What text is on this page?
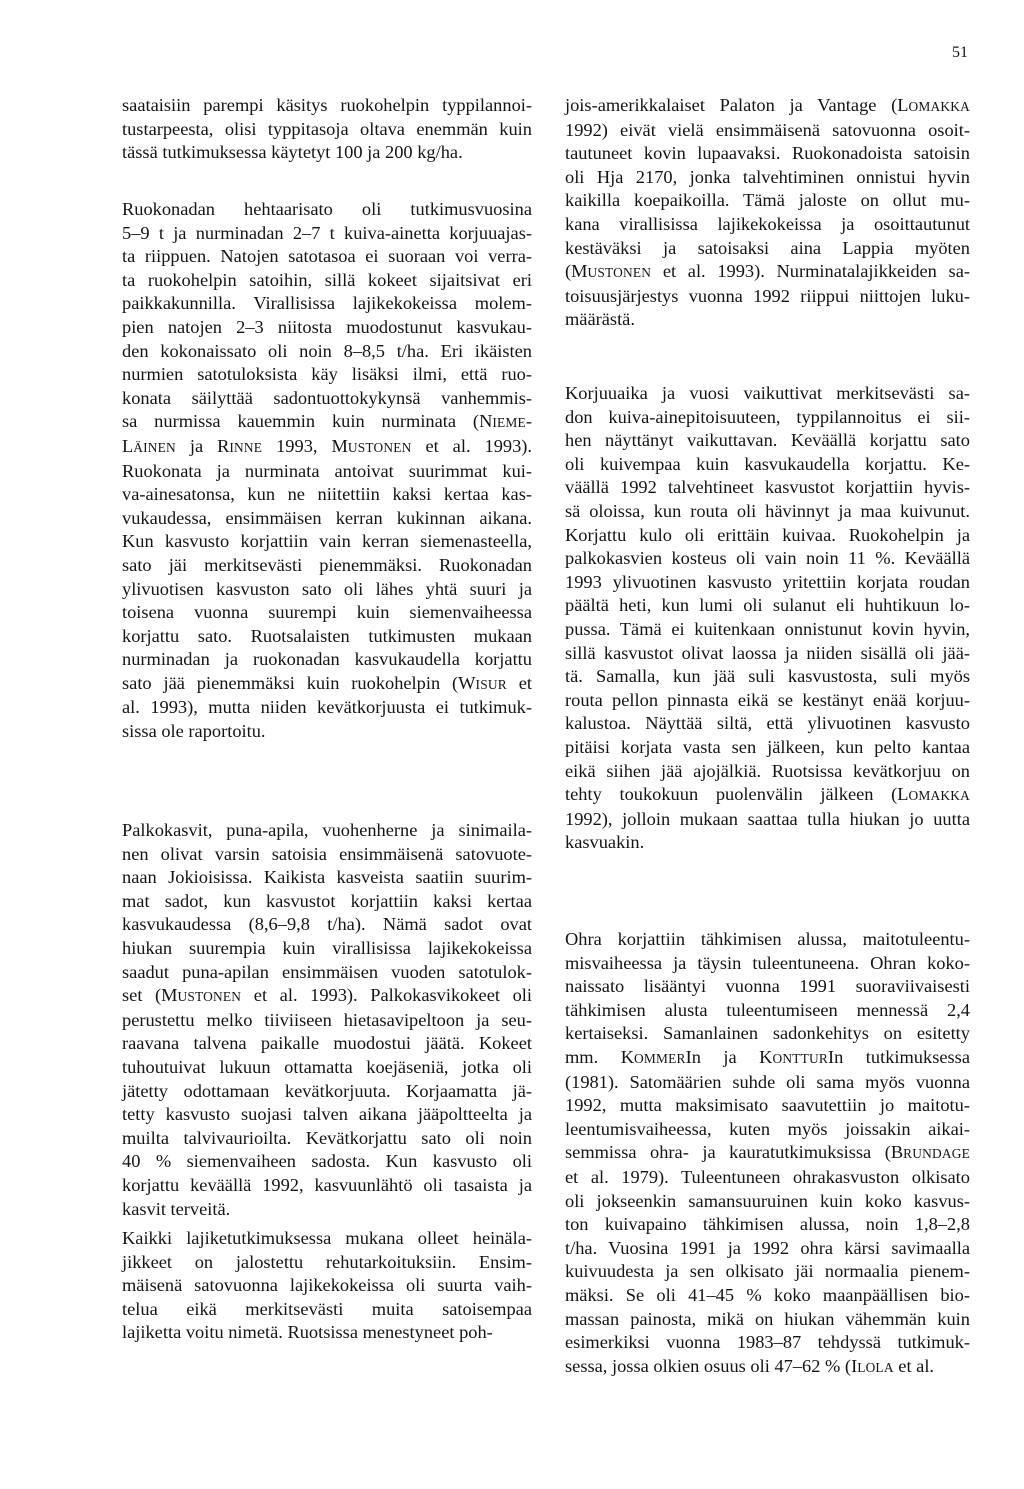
51

saataisiin parempi käsitys ruokohelpin typpilannoi-
tustarpeesta, olisi typpitasoja oltava enemmän kuin
tässä tutkimuksessa käytetyt 100 ja 200 kg/ha.

Ruokonadan hehtaarisato oli tutkimusvuosina
5–9 t ja nurminadan 2–7 t kuiva-ainetta korjuuajas-
ta riippuen. Natojen satotasoa ei suoraan voi verra-
ta ruokohelpin satoihin, sillä kokeet sijaitsivat eri
paikkakunnilla. Virallisissa lajikekokeissa molem-
pien natojen 2–3 niitosta muodostunut kasvukau-
den kokonaissato oli noin 8–8,5 t/ha. Eri ikäisten
nurmien satotuloksista käy lisäksi ilmi, että ruo-
konata säilyttää sadontuottokykynsä vanhemmis-
sa nurmissa kauemmin kuin nurminata (NIEME-
LÄINEN ja RINNE 1993, MUSTONEN et al. 1993).
Ruokonata ja nurminata antoivat suurimmat kui-
va-ainesatonsa, kun ne niitettiin kaksi kertaa kas-
vukaudessa, ensimmäisen kerran kukinnan aikana.
Kun kasvusto korjattiin vain kerran siemenasteella,
sato jäi merkitsevästi pienemmäksi. Ruokonadan
ylivuotisen kasvuston sato oli lähes yhtä suuri ja
toisena vuonna suurempi kuin siemenvaiheessa
korjattu sato. Ruotsalaisten tutkimusten mukaan
nurminadan ja ruokonadan kasvukaudella korjattu
sato jää pienemmäksi kuin ruokohelpin (WISUR et
al. 1993), mutta niiden kevätkorjuusta ei tutkimuk-
sissa ole raportoitu.

Palkokasvit, puna-apila, vuohenherne ja sinimaila-
nen olivat varsin satoisia ensimmäisenä satovuote-
naan Jokioisissa. Kaikista kasveista saatiin suurim-
mat sadot, kun kasvustot korjattiin kaksi kertaa
kasvukaudessa (8,6–9,8 t/ha). Nämä sadot ovat
hiukan suurempia kuin virallisissa lajikekokeissa
saadut puna-apilan ensimmäisen vuoden satotulok-
set (MUSTONEN et al. 1993). Palkokasvikokeet oli
perustettu melko tiiviiseen hietasavipeltoon ja seu-
raavana talvena paikalle muodostui jäätä. Kokeet
tuhoutuivat lukuun ottamatta koejäseniä, jotka oli
jätetty odottamaan kevätkorjuuta. Korjaamatta jä-
tetty kasvusto suojasi talven aikana jääpoltteelta ja
muilta talvivaurioilta. Kevätkorjattu sato oli noin
40 % siemenvaiheen sadosta. Kun kasvusto oli
korjattu keväällä 1992, kasvuunlähtö oli tasaista ja
kasvit terveitä.

Kaikki lajiketutkimuksessa mukana olleet heinäla-
jikkeet on jalostettu rehutarkoituksiin. Ensim-
mäisenä satovuonna lajikekokeissa oli suurta vaih-
telua eikä merkitsevästi muita satoisempaa
lajiketta voitu nimetä. Ruotsissa menestyneet poh-

jois-amerikkalaiset Palaton ja Vantage (LOMAKKA
1992) eivät vielä ensimmäisenä satovuonna osoit-
tautuneet kovin lupaavaksi. Ruokonadoista satoisin
oli Hja 2170, jonka talvehtiminen onnistui hyvin
kaikilla koepaikoilla. Tämä jaloste on ollut mu-
kana virallisissa lajikekokeissa ja osoittautunut
kestäväksi ja satoisaksi aina Lappia myöten
(MUSTONEN et al. 1993). Nurminatalajikkeiden sa-
toisuusjärjestys vuonna 1992 riippui niittojen luku-
määrästä.

Korjuuaika ja vuosi vaikuttivat merkitsevästi sa-
don kuiva-ainepitoisuuteen, typpilannoitus ei sii-
hen näyttänyt vaikuttavan. Keväällä korjattu sato
oli kuivempaa kuin kasvukaudella korjattu. Ke-
väällä 1992 talvehtineet kasvustot korjattiin hyvis-
sä oloissa, kun routa oli hävinnyt ja maa kuivunut.
Korjattu kulo oli erittäin kuivaa. Ruokohelpin ja
palkokasvien kosteus oli vain noin 11 %. Keväällä
1993 ylivuotinen kasvusto yritettiin korjata roudan
päältä heti, kun lumi oli sulanut eli huhtikuun lo-
pussa. Tämä ei kuitenkaan onnistunut kovin hyvin,
sillä kasvustot olivat laossa ja niiden sisällä oli jää-
tä. Samalla, kun jää suli kasvustosta, suli myös
routa pellon pinnasta eikä se kestänyt enää korjuu-
kalustoa. Näyttää siltä, että ylivuotinen kasvusto
pitäisi korjata vasta sen jälkeen, kun pelto kantaa
eikä siihen jää ajojälkiä. Ruotsissa kevätkorjuu on
tehty toukokuun puolenvälin jälkeen (LOMAKKA
1992), jolloin mukaan saattaa tulla hiukan jo uutta
kasvuakin.

Ohra korjattiin tähkimisen alussa, maitotuleentu-
misvaiheessa ja täysin tuleentuneena. Ohran koko-
naissato lisääntyi vuonna 1991 suoraviivaisesti
tähkimisen alusta tuleentumiseen mennessä 2,4
kertaiseksi. Samanlainen sadonkehitys on esitetty
mm. KOMMERIn ja KONTTURIn tutkimuksessa
(1981). Satomäärien suhde oli sama myös vuonna
1992, mutta maksimisato saavutettiin jo maitotu-
leentumisvaiheessa, kuten myös joissakin aikai-
semmissa ohra- ja kauratutkimuksissa (BRUNDAGE
et al. 1979). Tuleentuneen ohrakasvuston olkisato
oli jokseenkin samansuuruinen kuin koko kasvus-
ton kuivapaino tähkimisen alussa, noin 1,8–2,8
t/ha. Vuosina 1991 ja 1992 ohra kärsi savimaalla
kuivuudesta ja sen olkisato jäi normaalia pienem-
mäksi. Se oli 41–45 % koko maanpäällisen bio-
massan painosta, mikä on hiukan vähemmän kuin
esimerkiksi vuonna 1983–87 tehdyssä tutkimuk-
sessa, jossa olkien osuus oli 47–62 % (ILOLA et al.
